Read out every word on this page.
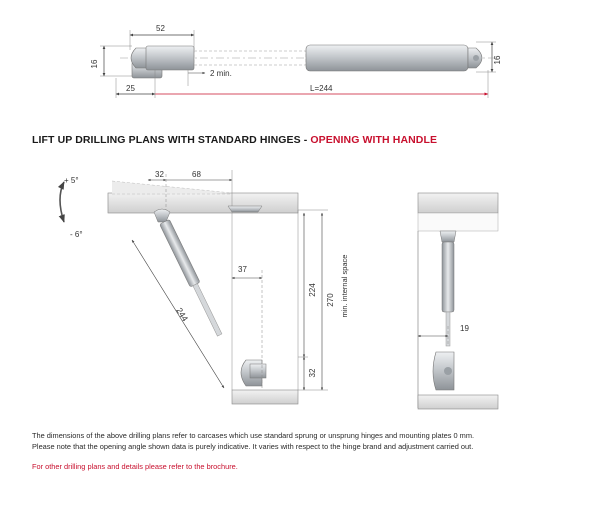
52
16	16
2 min.
25	L=244
+ 5°
- 6°
32	68
244
37
224
32
270 min. internal space
19
LIFT UP DRILLING PLANS WITH STANDARD HINGES - OPENING WITH HANDLE
The dimensions of the above drilling plans refer to carcases which use standard sprung or unsprung hinges and mounting plates 0 mm.
Please note that the opening angle shown data is purely indicative. It varies with respect to the hinge brand and adjustment carried out.
For other drilling plans and details please refer to the brochure.
